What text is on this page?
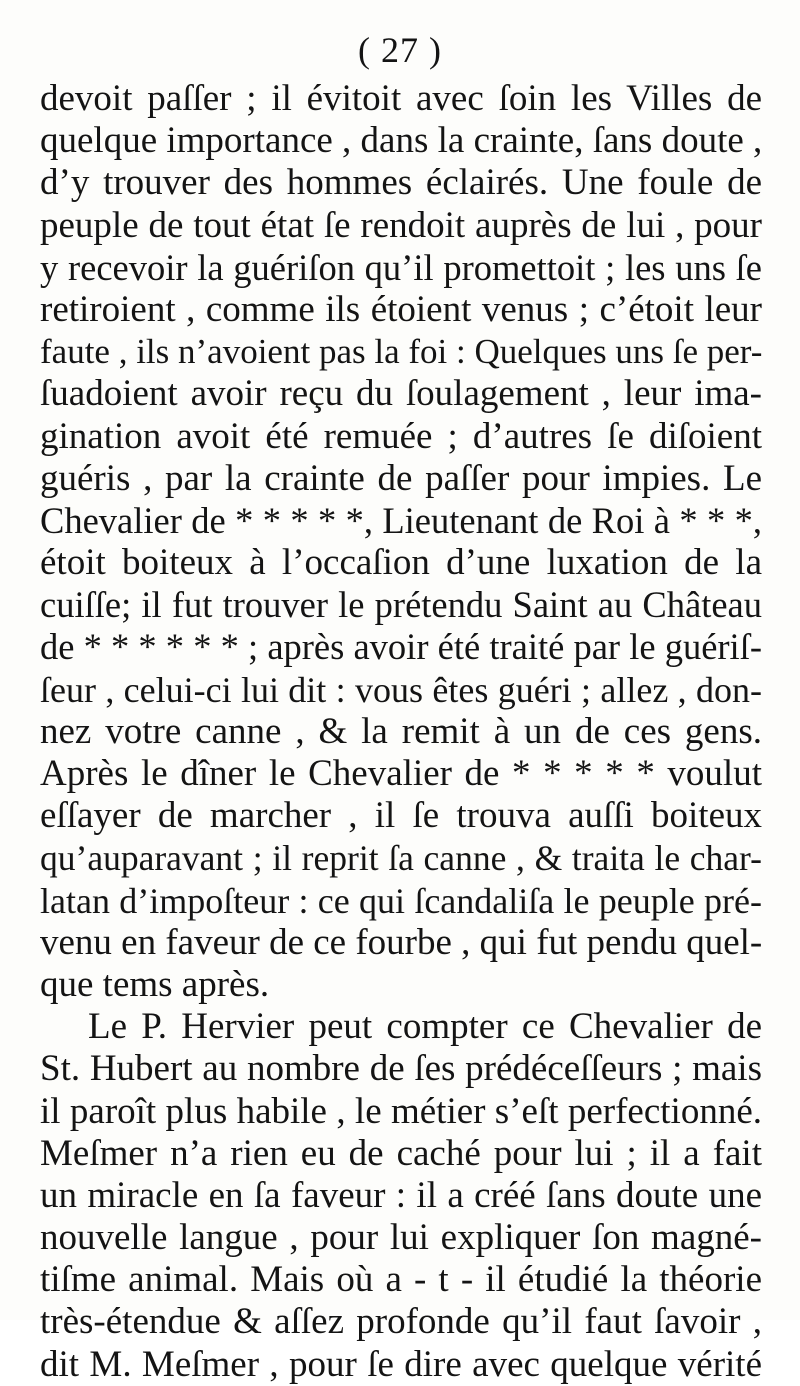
( 27 )
devoit paſſer ; il évitoit avec ſoin les Villes de
quelque importance , dans la crainte, ſans doute ,
d’y trouver des hommes éclairés. Une foule de
peuple de tout état ſe rendoit auprès de lui , pour
y recevoir la guériſon qu’il promettoit ; les uns ſe
retiroient , comme ils étoient venus ; c’étoit leur
faute , ils n’avoient pas la foi : Quelques uns ſe per-
ſuadoient avoir reçu du ſoulagement , leur ima-
gination avoit été remuée ; d’autres ſe diſoient
guéris , par la crainte de paſſer pour impies. Le
Chevalier de * * * * *, Lieutenant de Roi à * * *,
étoit boiteux à l’occaſion d’une luxation de la
cuiſſe; il fut trouver le prétendu Saint au Château
de * * * * * * ; après avoir été traité par le guériſ-
ſeur , celui-ci lui dit : vous êtes guéri ; allez , don-
nez votre canne , & la remit à un de ces gens.
Après le dîner le Chevalier de * * * * * voulut
eſſayer de marcher , il ſe trouva auſſi boiteux
qu’auparavant ; il reprit ſa canne , & traita le char-
latan d’impoſteur : ce qui ſcandaliſa le peuple pré-
venu en faveur de ce fourbe , qui fut pendu quel-
que tems après.
Le P. Hervier peut compter ce Chevalier de
St. Hubert au nombre de ſes prédéceſſeurs ; mais
il paroît plus habile , le métier s’eſt perfectionné.
Meſmer n’a rien eu de caché pour lui ; il a fait
un miracle en ſa faveur : il a créé ſans doute une
nouvelle langue , pour lui expliquer ſon magné-
tiſme animal. Mais où a - t - il étudié la théorie
très-étendue & aſſez profonde qu’il faut ſavoir ,
dit M. Meſmer , pour ſe dire avec quelque vérité
